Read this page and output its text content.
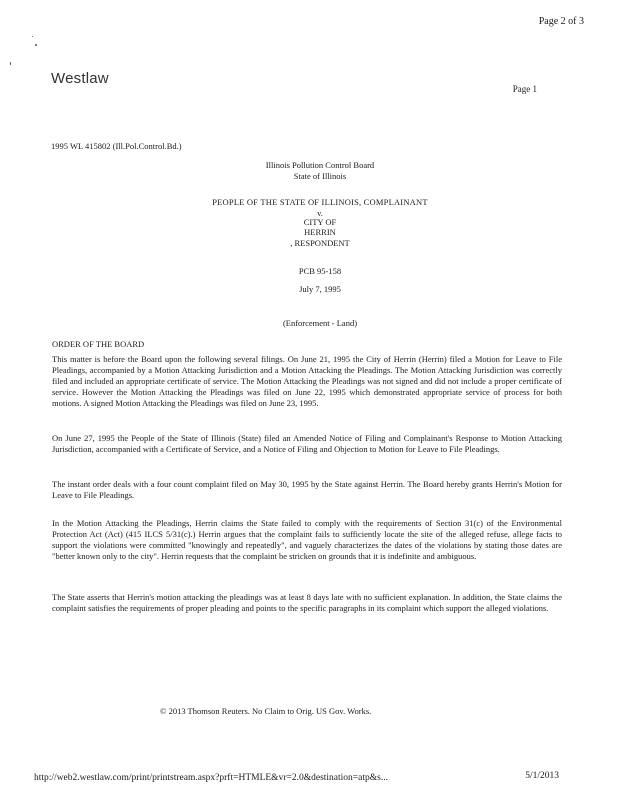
Page 2 of 3
Westlaw
Page 1
1995 WL 415802 (Ill.Pol.Control.Bd.)
Illinois Pollution Control Board
State of Illinois
PEOPLE OF THE STATE OF ILLINOIS, COMPLAINANT
v.
CITY OF
HERRIN
, RESPONDENT
PCB 95-158
July 7, 1995
(Enforcement - Land)
ORDER OF THE BOARD
This matter is before the Board upon the following several filings. On June 21, 1995 the City of Herrin (Herrin) filed a Motion for Leave to File Pleadings, accompanied by a Motion Attacking Jurisdiction and a Motion Attacking the Pleadings. The Motion Attacking Jurisdiction was correctly filed and included an appropriate certificate of service. The Motion Attacking the Pleadings was not signed and did not include a proper certificate of service. However the Motion Attacking the Pleadings was filed on June 22, 1995 which demonstrated appropriate service of process for both motions. A signed Motion Attacking the Pleadings was filed on June 23, 1995.
On June 27, 1995 the People of the State of Illinois (State) filed an Amended Notice of Filing and Complainant's Response to Motion Attacking Jurisdiction, accompanied with a Certificate of Service, and a Notice of Filing and Objection to Motion for Leave to File Pleadings.
The instant order deals with a four count complaint filed on May 30, 1995 by the State against Herrin. The Board hereby grants Herrin's Motion for Leave to File Pleadings.
In the Motion Attacking the Pleadings, Herrin claims the State failed to comply with the requirements of Section 31(c) of the Environmental Protection Act (Act) (415 ILCS 5/31(c).) Herrin argues that the complaint fails to sufficiently locate the site of the alleged refuse, allege facts to support the violations were committed "knowingly and repeatedly", and vaguely characterizes the dates of the violations by stating those dates are "better known only to the city". Herrin requests that the complaint be stricken on grounds that it is indefinite and ambiguous.
The State asserts that Herrin's motion attacking the pleadings was at least 8 days late with no sufficient explanation. In addition, the State claims the complaint satisfies the requirements of proper pleading and points to the specific paragraphs in its complaint which support the alleged violations.
© 2013 Thomson Reuters. No Claim to Orig. US Gov. Works.
http://web2.westlaw.com/print/printstream.aspx?prft=HTMLE&vr=2.0&destination=atp&s...	5/1/2013
